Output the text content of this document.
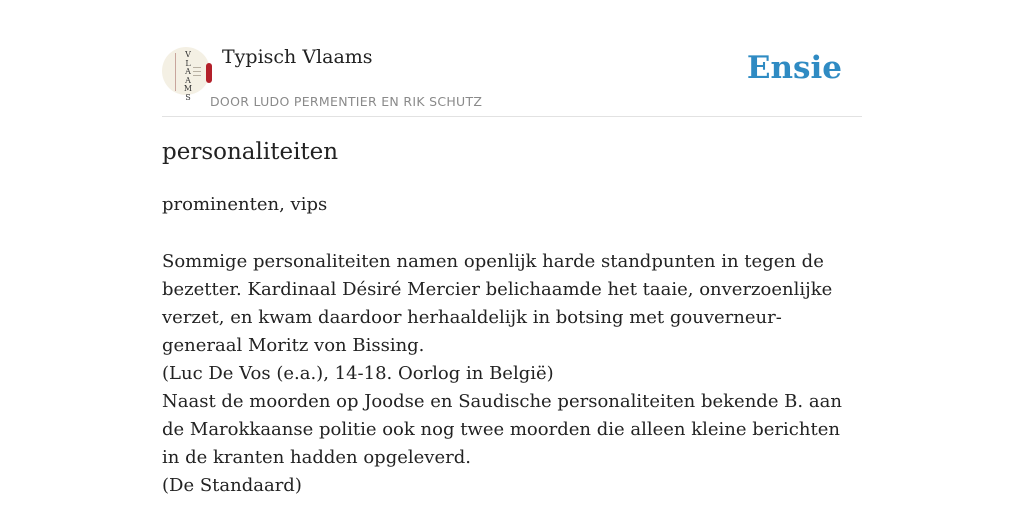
V
L
A
A
M
S
Typisch Vlaams
DOOR LUDO PERMENTIER EN RIK SCHUTZ
Ensie
personaliteiten
prominenten, vips

Sommige personaliteiten namen openlijk harde standpunten in tegen de bezetter. Kardinaal Désiré Mercier belichaamde het taaie, onverzoenlijke verzet, en kwam daardoor herhaaldelijk in botsing met gouverneur-generaal Moritz von Bissing.

(Luc De Vos (e.a.), 14-18. Oorlog in België)

Naast de moorden op Joodse en Saudische personaliteiten bekende B. aan de Marokkaanse politie ook nog twee moorden die alleen kleine berichten in de kranten hadden opgeleverd.

(De Standaard)
